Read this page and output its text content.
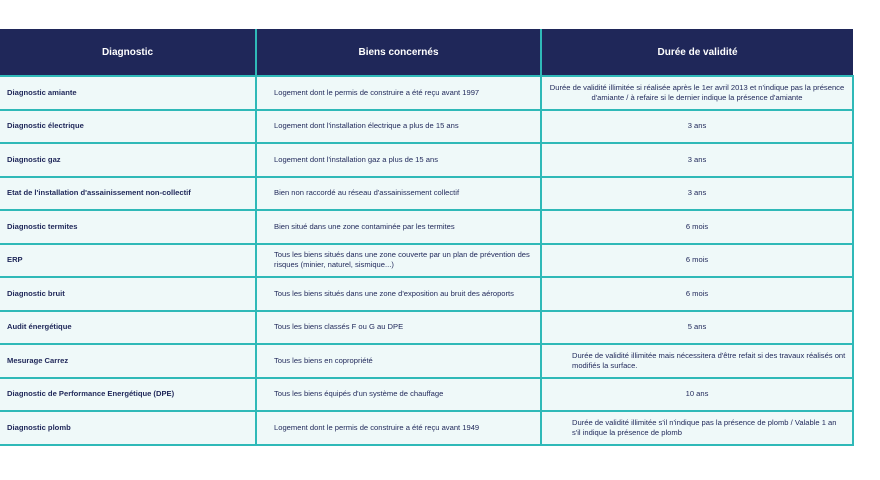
Diagnostic	Biens concernés	Durée de validité
Diagnostic amiante	Logement dont le permis de construire a été reçu avant 1997	Durée de validité illimitée si réalisée après le 1er avril 2013 et n'indique pas la présence d'amiante / à refaire si le dernier indique la présence d'amiante
Diagnostic électrique	Logement dont l'installation électrique a plus de 15 ans	3 ans
Diagnostic gaz	Logement dont l'installation gaz a plus de 15 ans	3 ans
Etat de l'installation d'assainissement non-collectif	Bien non raccordé au réseau d'assainissement collectif	3 ans
Diagnostic termites	Bien situé dans une zone contaminée par les termites	6 mois
ERP	Tous les biens situés dans une zone couverte par un plan de prévention des risques (minier, naturel, sismique...)	6 mois
Diagnostic bruit	Tous les biens situés dans une zone d'exposition au bruit des aéroports	6 mois
Audit énergétique	Tous les biens classés F ou G au DPE	5 ans
Mesurage Carrez	Tous les biens en copropriété	Durée de validité illimitée mais nécessitera d'être refait si des travaux réalisés ont modifiés la surface.
Diagnostic de Performance Energétique (DPE)	Tous les biens équipés d'un système de chauffage	10 ans
Diagnostic plomb	Logement dont le permis de construire a été reçu avant 1949	Durée de validité illimitée s'il n'indique pas la présence de plomb / Valable 1 an s'il indique la présence de plomb
